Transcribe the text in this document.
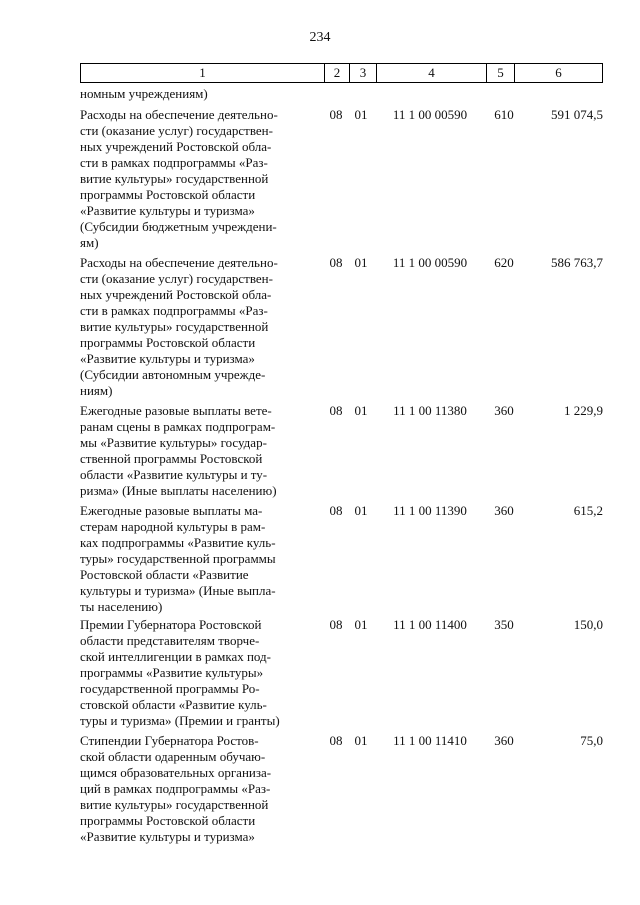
234
1	2	3	4	5	6
номным учреждениям)
Расходы на обеспечение деятельно-
сти (оказание услуг) государствен-
ных учреждений Ростовской обла-
сти в рамках подпрограммы «Раз-
витие культуры» государственной
программы Ростовской области
«Развитие культуры и туризма»
(Субсидии бюджетным учреждени-
ям)
08 01	11 1 00 00590	610	591 074,5
Расходы на обеспечение деятельно-
сти (оказание услуг) государствен-
ных учреждений Ростовской обла-
сти в рамках подпрограммы «Раз-
витие культуры» государственной
программы Ростовской области
«Развитие культуры и туризма»
(Субсидии автономным учрежде-
ниям)
08 01	11 1 00 00590	620	586 763,7
Ежегодные разовые выплаты вете-
ранам сцены в рамках подпрограм-
мы «Развитие культуры» государ-
ственной программы Ростовской
области «Развитие культуры и ту-
ризма» (Иные выплаты населению)
08 01	11 1 00 11380	360	1 229,9
Ежегодные разовые выплаты ма-
стерам народной культуры в рам-
ках подпрограммы «Развитие куль-
туры» государственной программы
Ростовской области «Развитие
культуры и туризма» (Иные выпла-
ты населению)
08 01	11 1 00 11390	360	615,2
Премии Губернатора Ростовской
области представителям творче-
ской интеллигенции в рамках под-
программы «Развитие культуры»
государственной программы Ро-
стовской области «Развитие куль-
туры и туризма» (Премии и гранты)
08 01	11 1 00 11400	350	150,0
Стипендии Губернатора Ростов-
ской области одаренным обучаю-
щимся образовательных организа-
ций в рамках подпрограммы «Раз-
витие культуры» государственной
программы Ростовской области
«Развитие культуры и туризма»
08 01	11 1 00 11410	360	75,0
